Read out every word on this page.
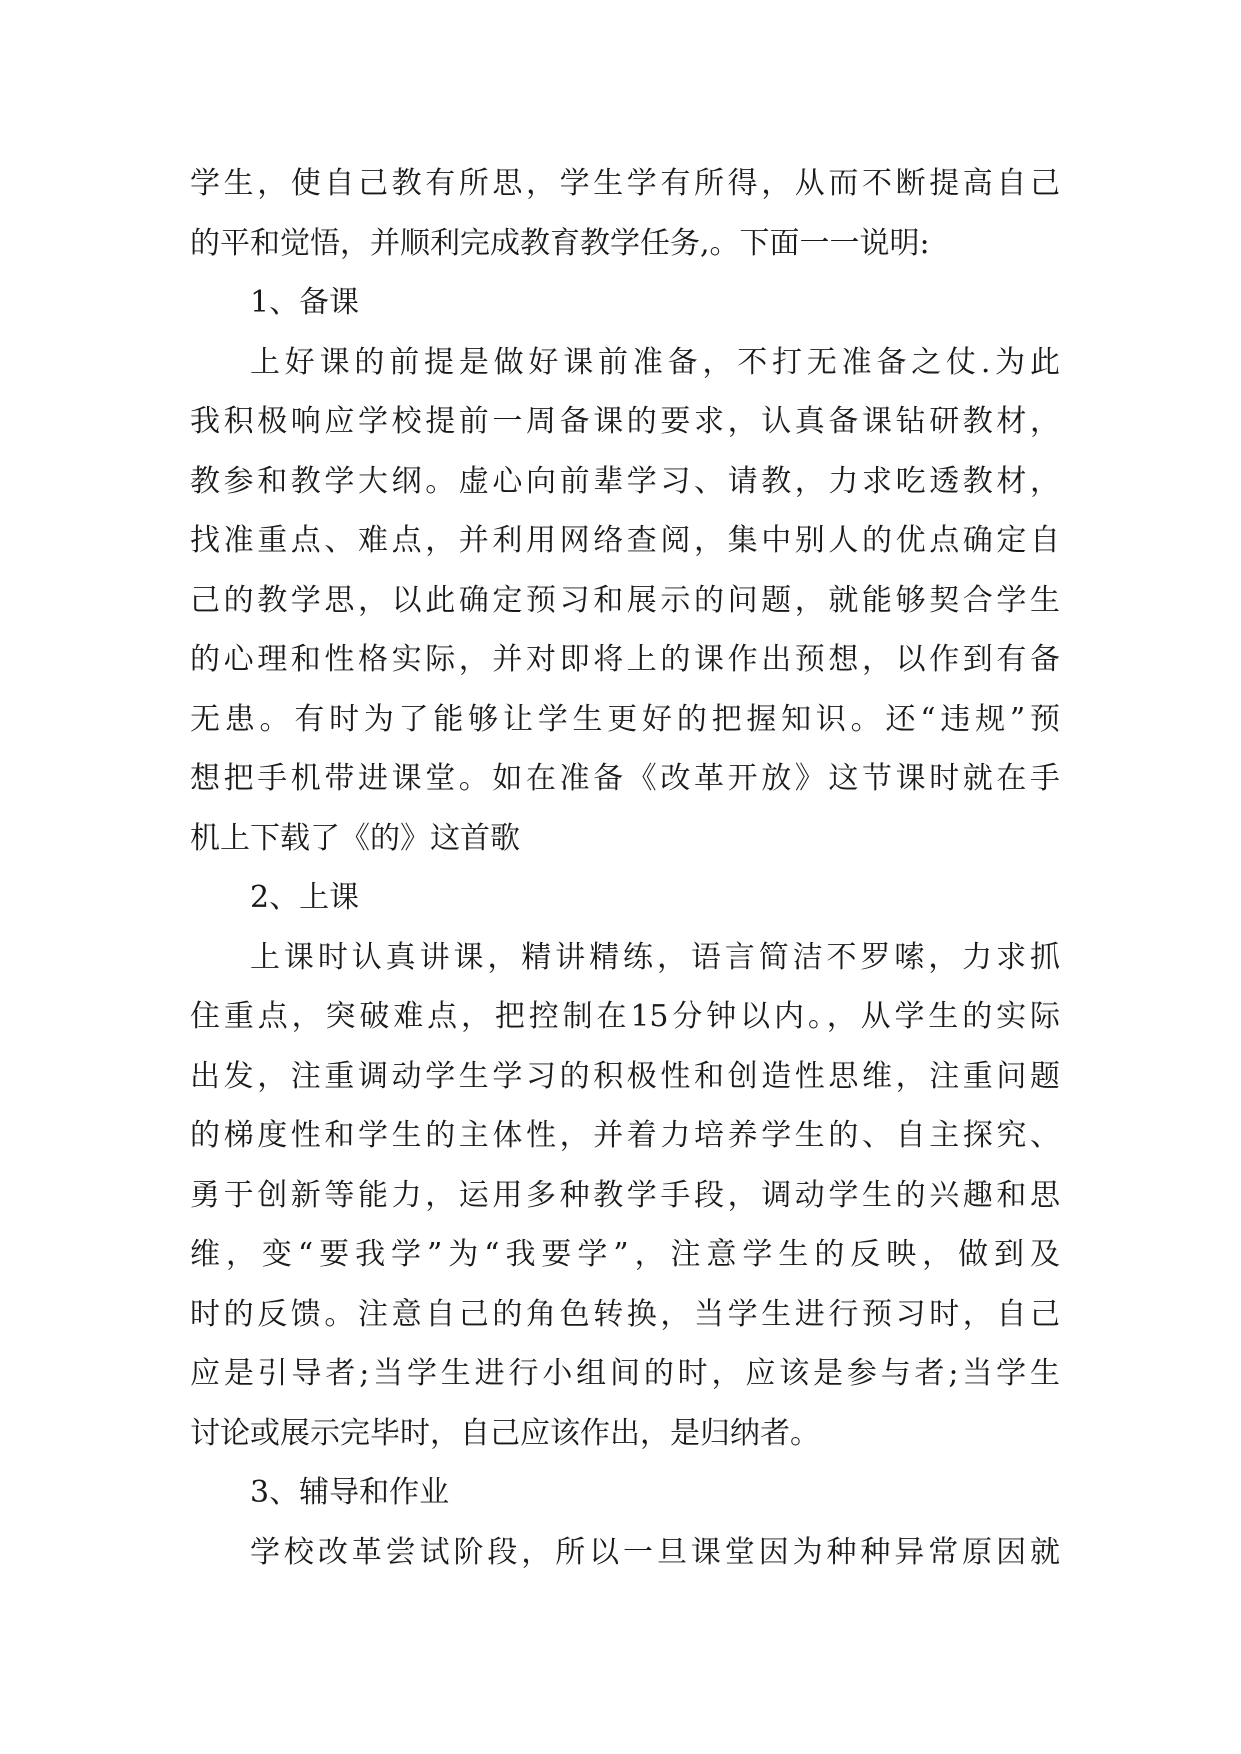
学生，使自己教有所思，学生学有所得，从而不断提高自己
的平和觉悟，并顺利完成教育教学任务,。下面一一说明:
1、备课
上好课的前提是做好课前准备，不打无准备之仗.为此
我积极响应学校提前一周备课的要求，认真备课钻研教材，
教参和教学大纲。虚心向前辈学习、请教，力求吃透教材，
找准重点、难点，并利用网络查阅，集中别人的优点确定自
己的教学思，以此确定预习和展示的问题，就能够契合学生
的心理和性格实际，并对即将上的课作出预想，以作到有备
无患。有时为了能够让学生更好的把握知识。还“违规”预
想把手机带进课堂。如在准备《改革开放》这节课时就在手
机上下载了《的》这首歌
2、上课
上课时认真讲课，精讲精练，语言简洁不罗嗦，力求抓
住重点，突破难点，把控制在15分钟以内。，从学生的实际
出发，注重调动学生学习的积极性和创造性思维，注重问题
的梯度性和学生的主体性，并着力培养学生的、自主探究、
勇于创新等能力，运用多种教学手段，调动学生的兴趣和思
维，变“要我学”为“我要学”，注意学生的反映，做到及
时的反馈。注意自己的角色转换，当学生进行预习时，自己
应是引导者;当学生进行小组间的时，应该是参与者;当学生
讨论或展示完毕时，自己应该作出，是归纳者。
3、辅导和作业
学校改革尝试阶段，所以一旦课堂因为种种异常原因就
